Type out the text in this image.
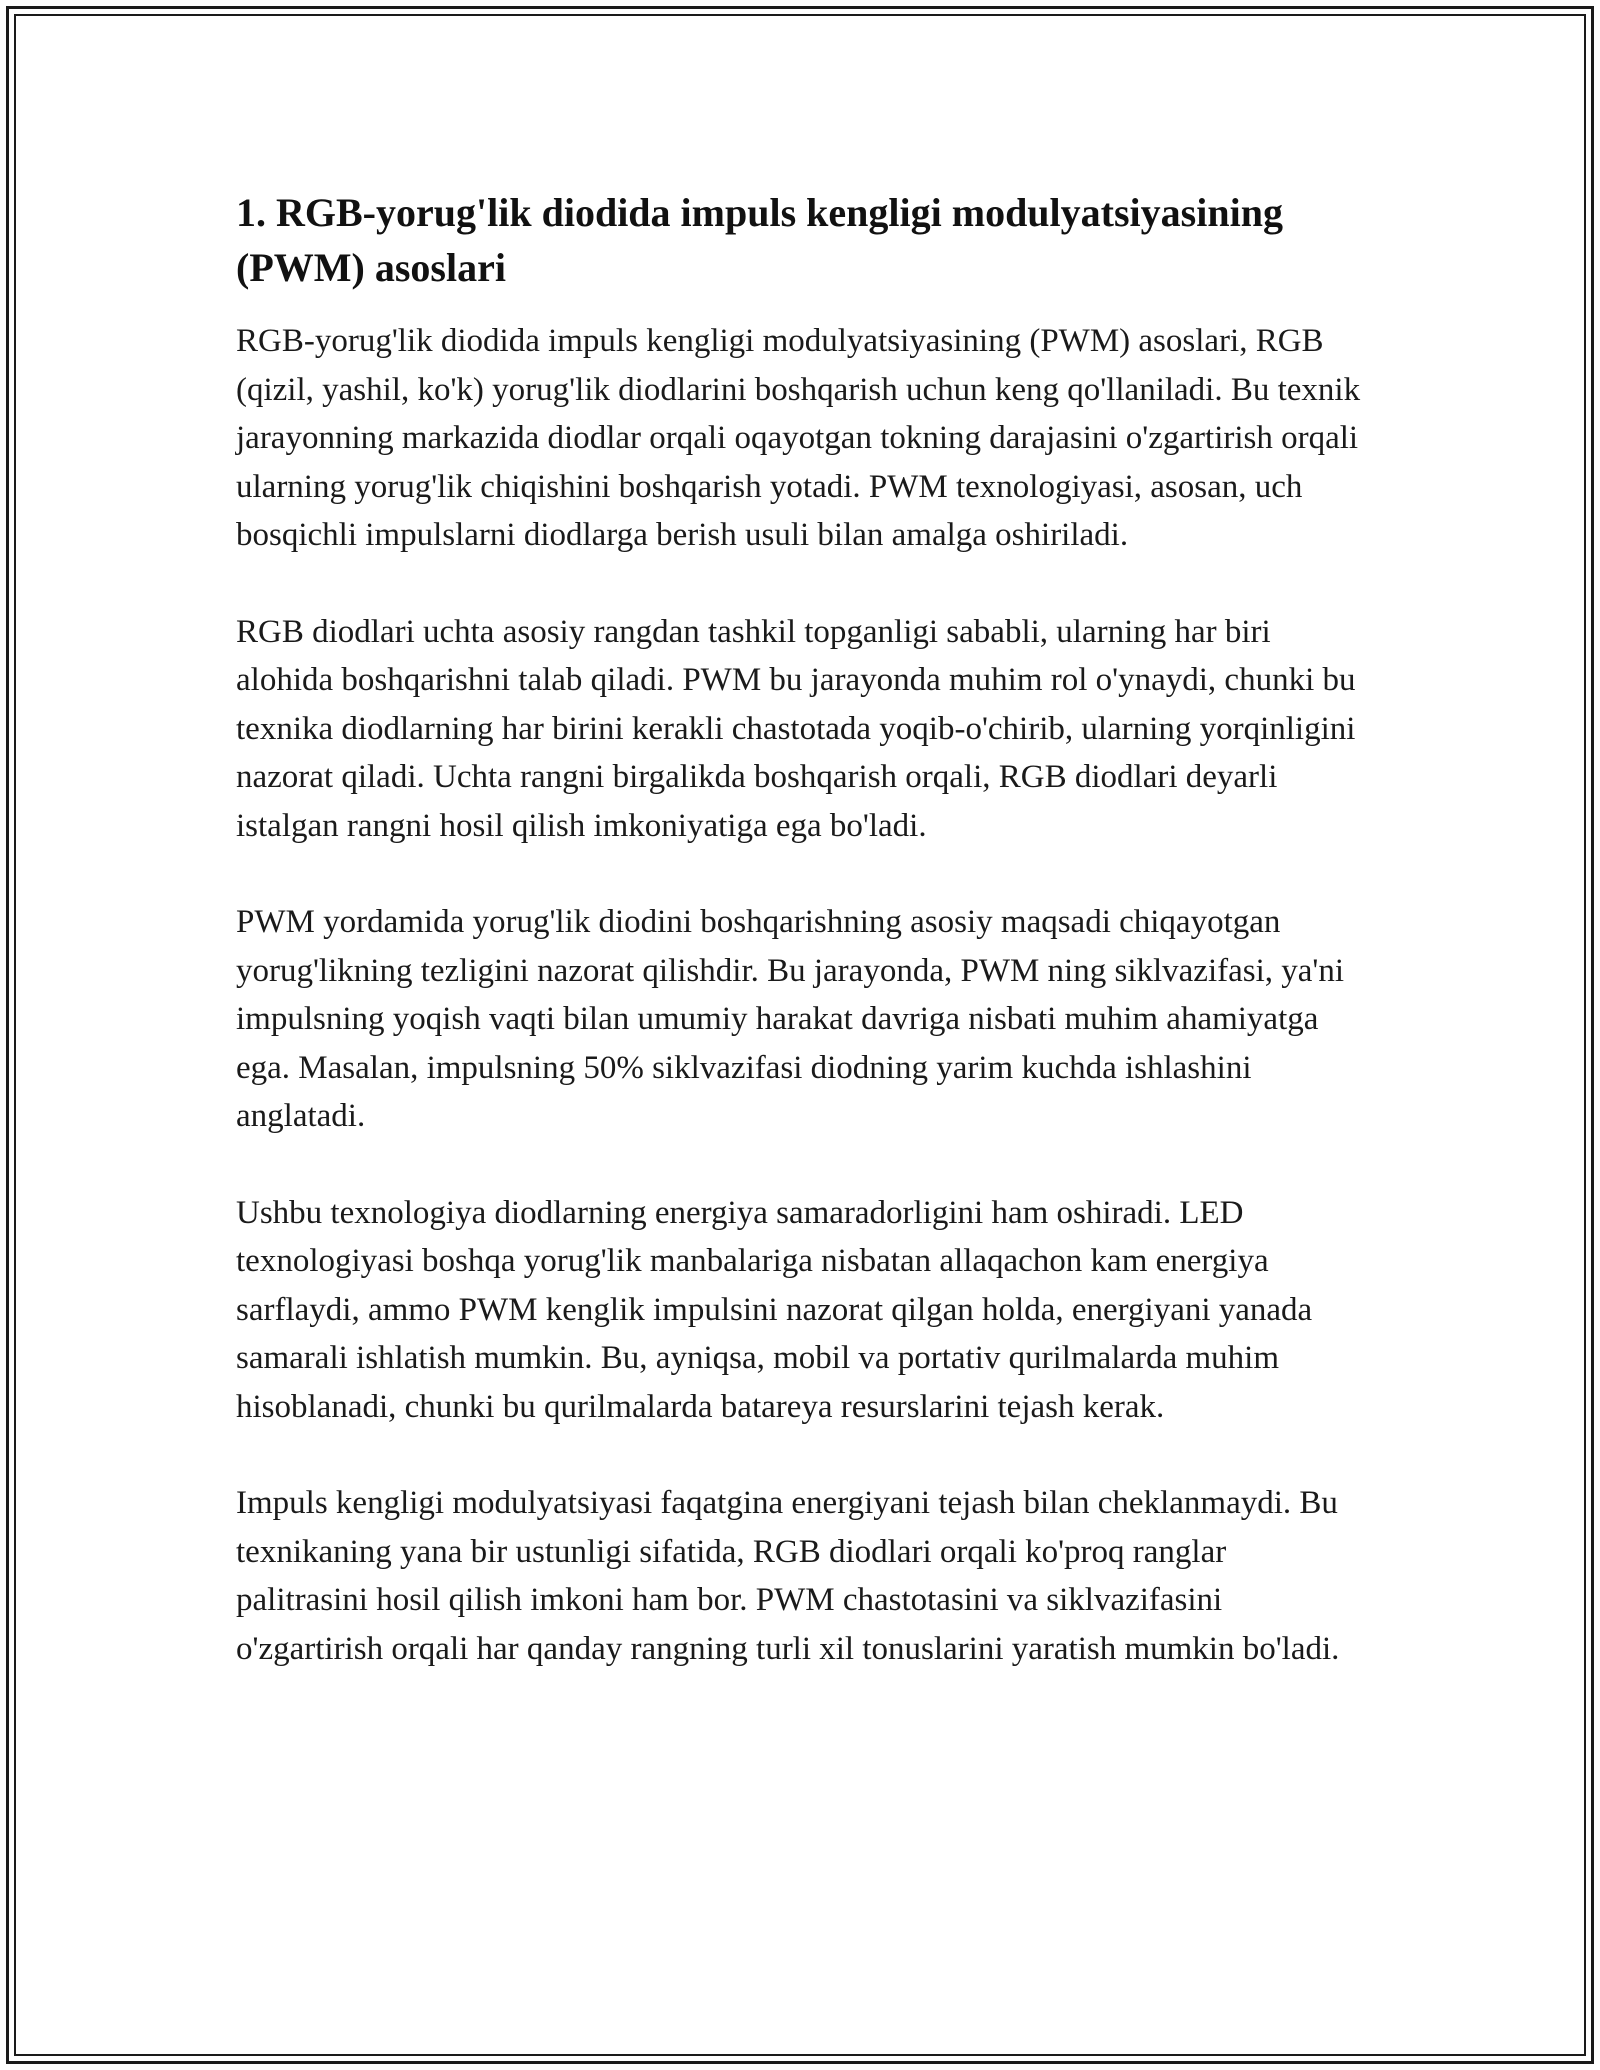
1. RGB-yorug'lik diodida impuls kengligi modulyatsiyasining (PWM) asoslari

RGB-yorug'lik diodida impuls kengligi modulyatsiyasining (PWM) asoslari, RGB (qizil, yashil, ko'k) yorug'lik diodlarini boshqarish uchun keng qo'llaniladi. Bu texnik jarayonning markazida diodlar orqali oqayotgan tokning darajasini o'zgartirish orqali ularning yorug'lik chiqishini boshqarish yotadi. PWM texnologiyasi, asosan, uch bosqichli impulslarni diodlarga berish usuli bilan amalga oshiriladi.

RGB diodlari uchta asosiy rangdan tashkil topganligi sababli, ularning har biri alohida boshqarishni talab qiladi. PWM bu jarayonda muhim rol o'ynaydi, chunki bu texnika diodlarning har birini kerakli chastotada yoqib-o'chirib, ularning yorqinligini nazorat qiladi. Uchta rangni birgalikda boshqarish orqali, RGB diodlari deyarli istalgan rangni hosil qilish imkoniyatiga ega bo'ladi.

PWM yordamida yorug'lik diodini boshqarishning asosiy maqsadi chiqayotgan yorug'likning tezligini nazorat qilishdir. Bu jarayonda, PWM ning siklvazifasi, ya'ni impulsning yoqish vaqti bilan umumiy harakat davriga nisbati muhim ahamiyatga ega. Masalan, impulsning 50% siklvazifasi diodning yarim kuchda ishlashini anglatadi.

Ushbu texnologiya diodlarning energiya samaradorligini ham oshiradi. LED texnologiyasi boshqa yorug'lik manbalariga nisbatan allaqachon kam energiya sarflaydi, ammo PWM kenglik impulsini nazorat qilgan holda, energiyani yanada samarali ishlatish mumkin. Bu, ayniqsa, mobil va portativ qurilmalarda muhim hisoblanadi, chunki bu qurilmalarda batareya resurslarini tejash kerak.

Impuls kengligi modulyatsiyasi faqatgina energiyani tejash bilan cheklanmaydi. Bu texnikaning yana bir ustunligi sifatida, RGB diodlari orqali ko'proq ranglar palitrasini hosil qilish imkoni ham bor. PWM chastotasini va siklvazifasini o'zgartirish orqali har qanday rangning turli xil tonuslarini yaratish mumkin bo'ladi.
